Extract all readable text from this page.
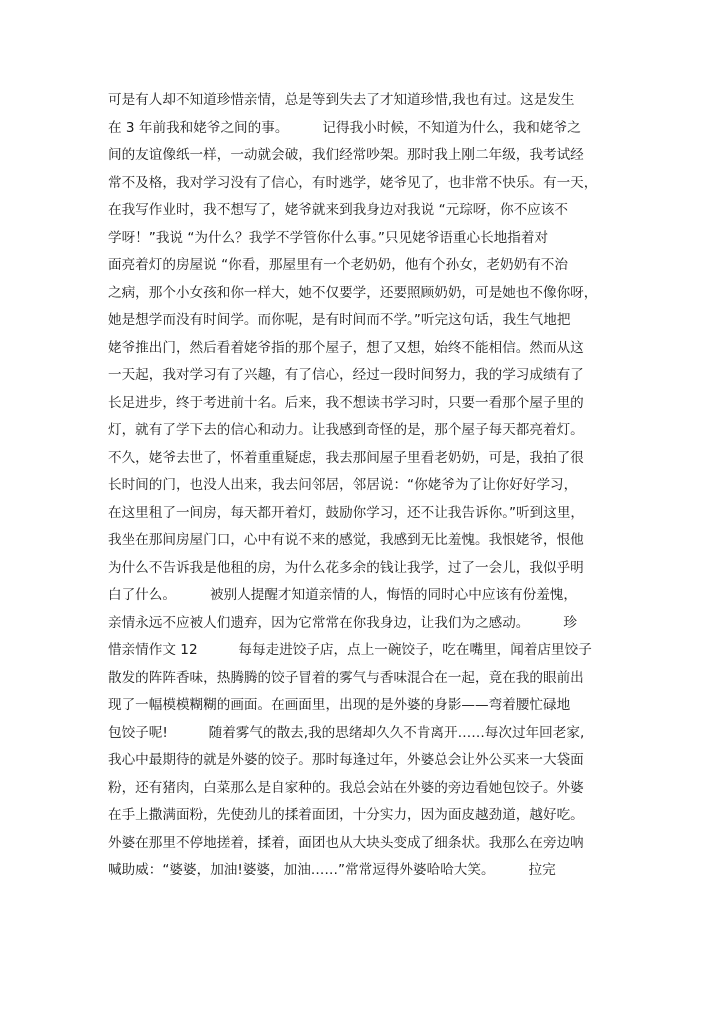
可是有人却不知道珍惜亲情，总是等到失去了才知道珍惜,我也有过。这是发生
在 3 年前我和姥爷之间的事。　　　记得我小时候，不知道为什么，我和姥爷之
间的友谊像纸一样，一动就会破，我们经常吵架。那时我上刚二年级，我考试经
常不及格，我对学习没有了信心，有时逃学，姥爷见了，也非常不快乐。有一天，
在我写作业时，我不想写了，姥爷就来到我身边对我说 “元琮呀，你不应该不
学呀！”我说 “为什么？我学不学管你什么事。”只见姥爷语重心长地指着对
面亮着灯的房屋说 “你看，那屋里有一个老奶奶，他有个孙女，老奶奶有不治
之病，那个小女孩和你一样大，她不仅要学，还要照顾奶奶，可是她也不像你呀，
她是想学而没有时间学。而你呢，是有时间而不学。”听完这句话，我生气地把
姥爷推出门，然后看着姥爷指的那个屋子，想了又想，始终不能相信。然而从这
一天起，我对学习有了兴趣，有了信心，经过一段时间努力，我的学习成绩有了
长足进步，终于考进前十名。后来，我不想读书学习时，只要一看那个屋子里的
灯，就有了学下去的信心和动力。让我感到奇怪的是，那个屋子每天都亮着灯。
不久，姥爷去世了，怀着重重疑虑，我去那间屋子里看老奶奶，可是，我拍了很
长时间的门，也没人出来，我去问邻居，邻居说：“你姥爷为了让你好好学习，
在这里租了一间房，每天都开着灯，鼓励你学习，还不让我告诉你。”听到这里，
我坐在那间房屋门口，心中有说不来的感觉，我感到无比羞愧。我恨姥爷，恨他
为什么不告诉我是他租的房，为什么花多余的钱让我学，过了一会儿，我似乎明
白了什么。　　　被别人提醒才知道亲情的人，悔悟的同时心中应该有份羞愧，
亲情永远不应被人们遗弃，因为它常常在你我身边，让我们为之感动。　　　珍
惜亲情作文 12　　　每每走进饺子店，点上一碗饺子，吃在嘴里，闻着店里饺子
散发的阵阵香味，热腾腾的饺子冒着的雾气与香味混合在一起，竟在我的眼前出
现了一幅模模糊糊的画面。在画面里，出现的是外婆的身影——弯着腰忙碌地
包饺子呢!　　　随着雾气的散去,我的思绪却久久不肯离开……每次过年回老家,
我心中最期待的就是外婆的饺子。那时每逢过年，外婆总会让外公买来一大袋面
粉，还有猪肉，白菜那么是自家种的。我总会站在外婆的旁边看她包饺子。外婆
在手上撒满面粉，先使劲儿的揉着面团，十分实力，因为面皮越劲道，越好吃。
外婆在那里不停地搓着，揉着，面团也从大块头变成了细条状。我那么在旁边呐
喊助威：“婆婆，加油!婆婆，加油……”常常逗得外婆哈哈大笑。　　　拉完
